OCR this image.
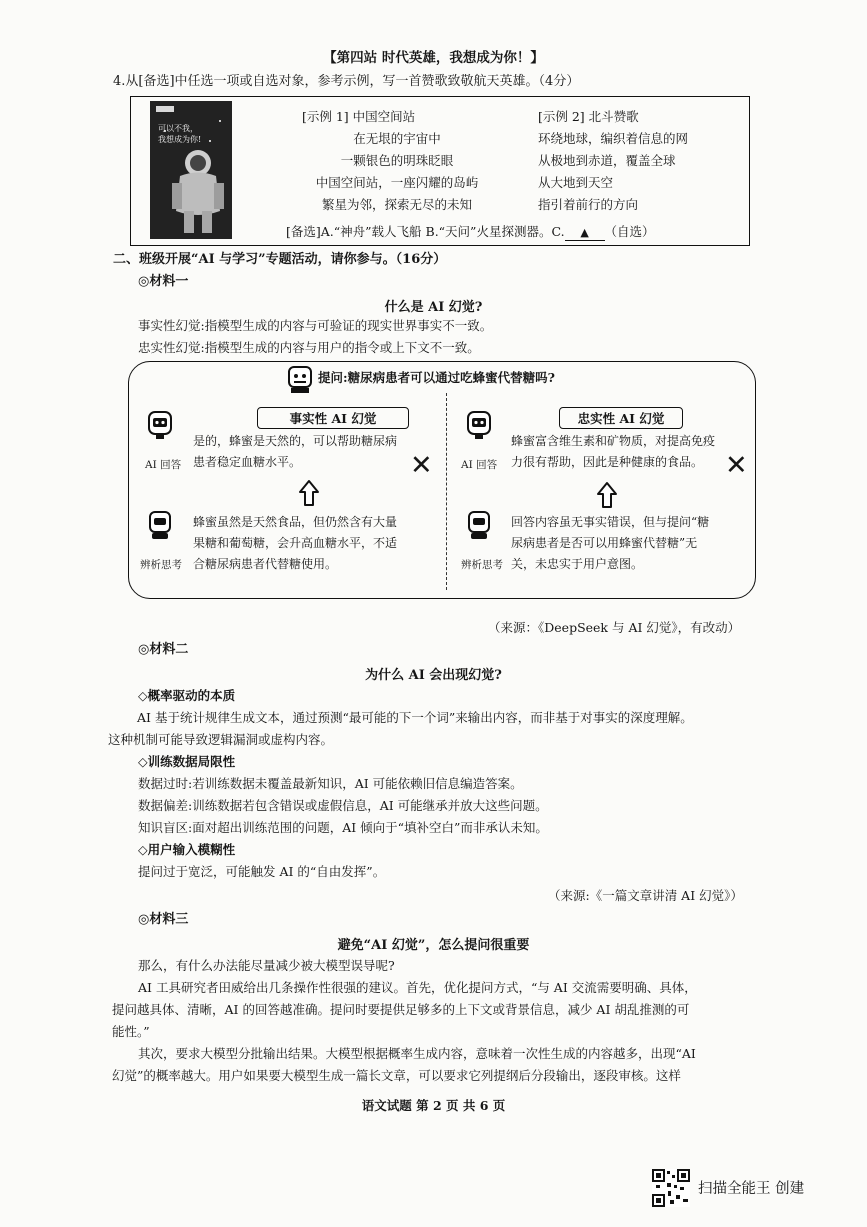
【第四站 时代英雄，我想成为你！】
4.从[备选]中任选一项或自选对象，参考示例，写一首赞歌致敬航天英雄。（4分）
可以不我，
我想成为你!
[示例 1] 中国空间站
在无垠的宇宙中
一颗银色的明珠眨眼
中国空间站，一座闪耀的岛屿
繁星为邻，探索无尽的未知
[示例 2] 北斗赞歌
环绕地球，编织着信息的网
从极地到赤道，覆盖全球
从大地到天空
指引着前行的方向
[备选]A.“神舟”载人飞船 B.“天问”火星探测器。C. ▲ （自选）
二、班级开展“AI 与学习”专题活动，请你参与。（16分）
◎材料一
什么是 AI 幻觉?
事实性幻觉:指模型生成的内容与可验证的现实世界事实不一致。
忠实性幻觉:指模型生成的内容与用户的指令或上下文不一致。
提问:糖尿病患者可以通过吃蜂蜜代替糖吗?
事实性 AI 幻觉
AI 回答
是的，蜂蜜是天然的，可以帮助糖尿病
患者稳定血糖水平。	✕
辨析思考
蜂蜜虽然是天然食品，但仍然含有大量
果糖和葡萄糖，会升高血糖水平，不适
合糖尿病患者代替糖使用。
忠实性 AI 幻觉
AI 回答
蜂蜜富含维生素和矿物质，对提高免疫
力很有帮助，因此是种健康的食品。 ✕
辨析思考
回答内容虽无事实错误，但与提问“糖
尿病患者是否可以用蜂蜜代替糖”无
关，未忠实于用户意图。
（来源：《DeepSeek 与 AI 幻觉》，有改动）
◎材料二
为什么 AI 会出现幻觉?
◇概率驱动的本质
AI 基于统计规律生成文本，通过预测“最可能的下一个词”来输出内容，而非基于对事实的深度理解。
这种机制可能导致逻辑漏洞或虚构内容。
◇训练数据局限性
数据过时:若训练数据未覆盖最新知识，AI 可能依赖旧信息编造答案。
数据偏差:训练数据若包含错误或虚假信息，AI 可能继承并放大这些问题。
知识盲区:面对超出训练范围的问题，AI 倾向于“填补空白”而非承认未知。
◇用户输入模糊性
提问过于宽泛，可能触发 AI 的“自由发挥”。
（来源:《一篇文章讲清 AI 幻觉》）
◎材料三
避免“AI 幻觉”，怎么提问很重要
那么，有什么办法能尽量减少被大模型误导呢?
AI 工具研究者田威给出几条操作性很强的建议。首先，优化提问方式，“与 AI 交流需要明确、具体，
提问越具体、清晰，AI 的回答越准确。提问时要提供足够多的上下文或背景信息，减少 AI 胡乱推测的可
能性。”
其次，要求大模型分批输出结果。大模型根据概率生成内容，意味着一次性生成的内容越多，出现“AI
幻觉”的概率越大。用户如果要大模型生成一篇长文章，可以要求它列提纲后分段输出，逐段审核。这样
语文试题 第 2 页 共 6 页
扫描全能王 创建
